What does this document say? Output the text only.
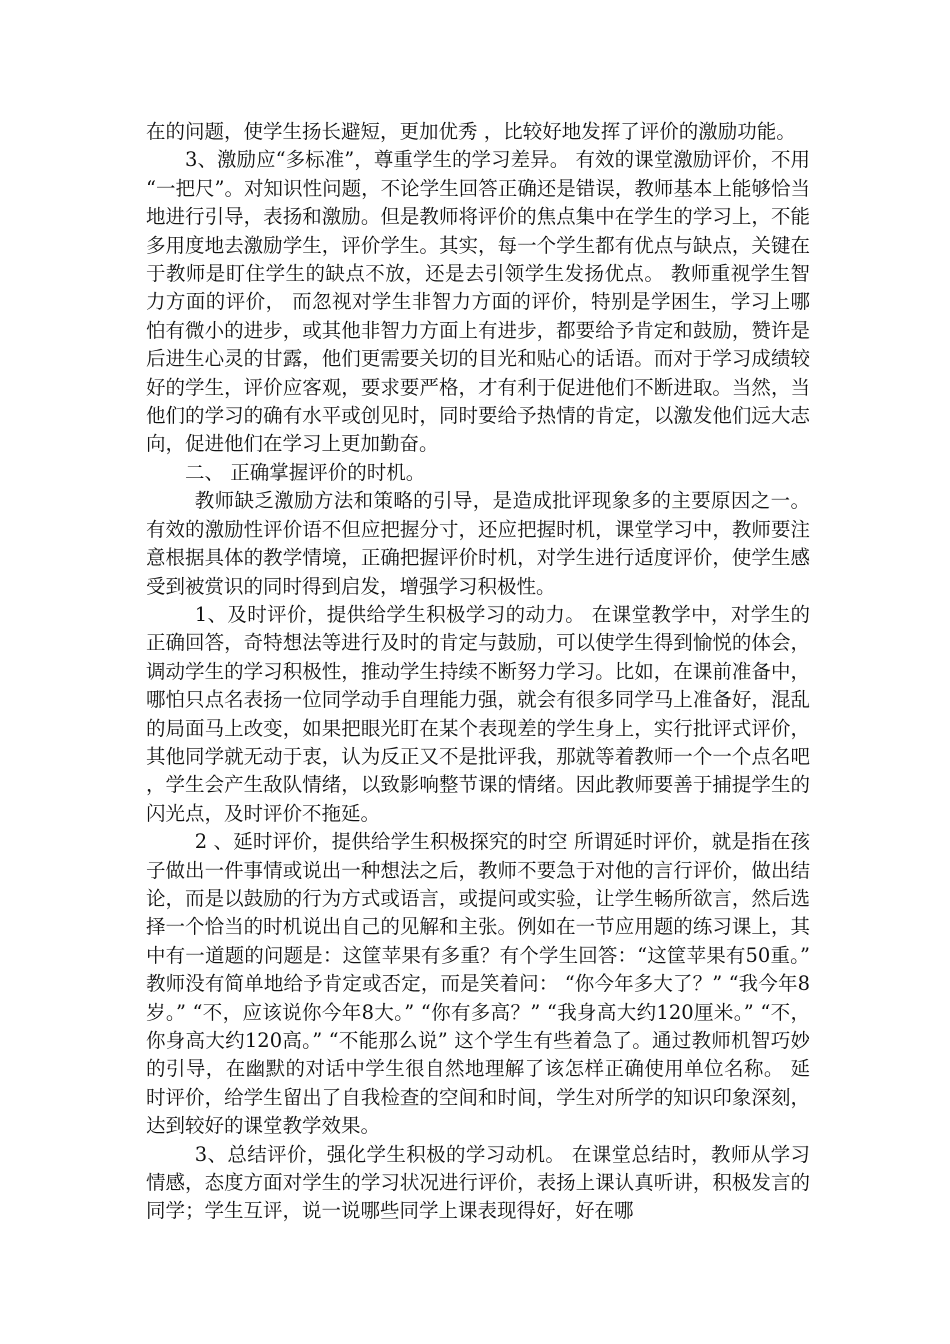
在的问题，使学生扬长避短，更加优秀 ，比较好地发挥了评价的激励功能。

3、激励应“多标准”，尊重学生的学习差异。 有效的课堂激励评价，不用“一把尺”。对知识性问题，不论学生回答正确还是错误，教师基本上能够恰当地进行引导，表扬和激励。但是教师将评价的焦点集中在学生的学习上，不能多用度地去激励学生，评价学生。其实，每一个学生都有优点与缺点，关键在于教师是盯住学生的缺点不放，还是去引领学生发扬优点。 教师重视学生智力方面的评价， 而忽视对学生非智力方面的评价，特别是学困生，学习上哪怕有微小的进步，或其他非智力方面上有进步，都要给予肯定和鼓励，赞许是后进生心灵的甘露，他们更需要关切的目光和贴心的话语。而对于学习成绩较好的学生，评价应客观，要求要严格，才有利于促进他们不断进取。当然，当他们的学习的确有水平或创见时，同时要给予热情的肯定，以激发他们远大志向，促进他们在学习上更加勤奋。

二、 正确掌握评价的时机。

教师缺乏激励方法和策略的引导，是造成批评现象多的主要原因之一。有效的激励性评价语不但应把握分寸，还应把握时机，课堂学习中，教师要注意根据具体的教学情境，正确把握评价时机，对学生进行适度评价，使学生感受到被赏识的同时得到启发，增强学习积极性。

1、及时评价，提供给学生积极学习的动力。 在课堂教学中，对学生的正确回答，奇特想法等进行及时的肯定与鼓励，可以使学生得到愉悦的体会，调动学生的学习积极性，推动学生持续不断努力学习。比如，在课前准备中，哪怕只点名表扬一位同学动手自理能力强，就会有很多同学马上准备好，混乱的局面马上改变，如果把眼光盯在某个表现差的学生身上，实行批评式评价，其他同学就无动于衷，认为反正又不是批评我，那就等着教师一个一个点名吧，学生会产生敌队情绪，以致影响整节课的情绪。因此教师要善于捕提学生的闪光点，及时评价不拖延。

2 、延时评价，提供给学生积极探究的时空 所谓延时评价，就是指在孩子做出一件事情或说出一种想法之后，教师不要急于对他的言行评价，做出结论，而是以鼓励的行为方式或语言，或提问或实验，让学生畅所欲言，然后选择一个恰当的时机说出自己的见解和主张。例如在一节应用题的练习课上，其中有一道题的问题是：这筐苹果有多重？有个学生回答：“这筐苹果有50重。”教师没有简单地给予肯定或否定，而是笑着问： “你今年多大了？” “我今年8岁。” “不，应该说你今年8大。” “你有多高？” “我身高大约120厘米。” “不，你身高大约120高。” “不能那么说” 这个学生有些着急了。通过教师机智巧妙的引导，在幽默的对话中学生很自然地理解了该怎样正确使用单位名称。 延时评价，给学生留出了自我检查的空间和时间，学生对所学的知识印象深刻，达到较好的课堂教学效果。

3、总结评价，强化学生积极的学习动机。 在课堂总结时，教师从学习情感，态度方面对学生的学习状况进行评价，表扬上课认真听讲，积极发言的同学；学生互评，说一说哪些同学上课表现得好，好在哪
